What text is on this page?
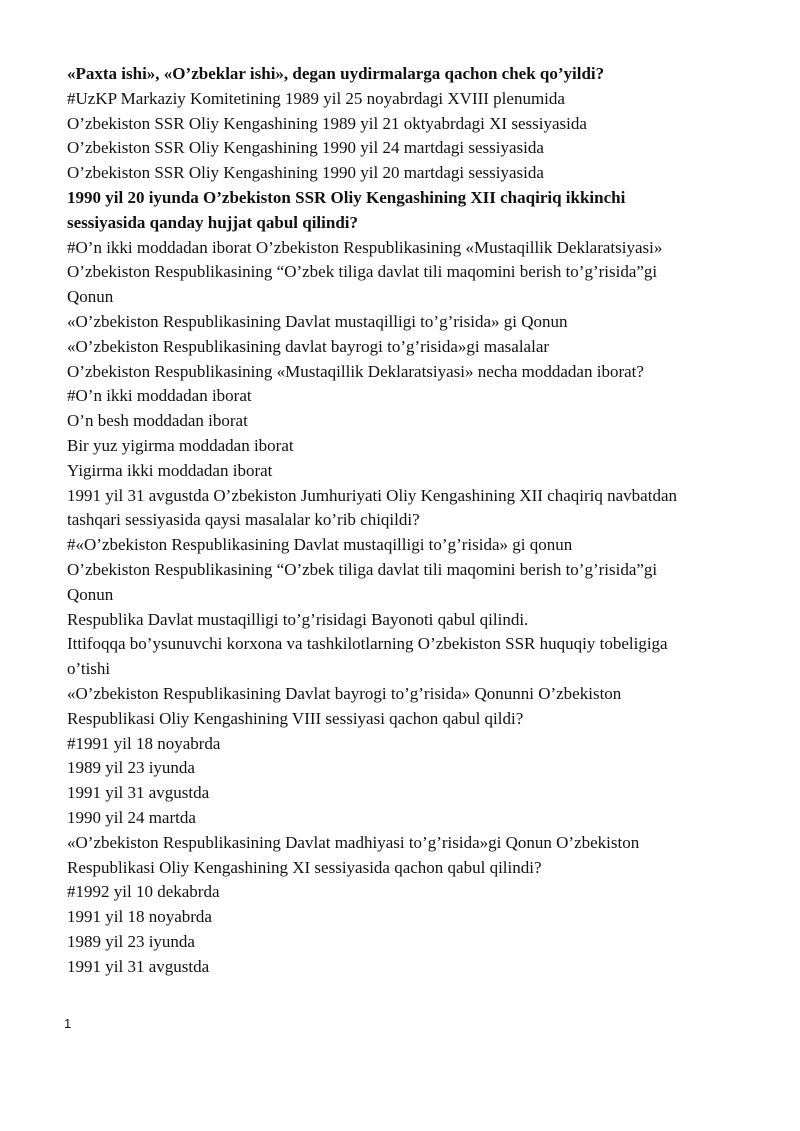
«Paxta ishi», «O’zbeklar ishi», degan uydirmalarga qachon chek qo’yildi?

#UzKP Markaziy Komitetining 1989 yil 25 noyabrdagi XVIII plenumida

O’zbekiston SSR Oliy Kengashining 1989 yil 21 oktyabrdagi XI sessiyasida

O’zbekiston SSR Oliy Kengashining 1990 yil 24 martdagi sessiyasida

O’zbekiston SSR Oliy Kengashining 1990 yil 20 martdagi sessiyasida

1990 yil 20 iyunda O’zbekiston SSR Oliy Kengashining XII chaqiriq ikkinchi

sessiyasida qanday hujjat qabul qilindi?

#O’n ikki moddadan iborat O’zbekiston Respublikasining «Mustaqillik Deklaratsiyasi»

O’zbekiston Respublikasining “O’zbek tiliga davlat tili maqomini berish to’g’risida”gi

Qonun

«O’zbekiston Respublikasining Davlat mustaqilligi to’g’risida» gi Qonun

«O’zbekiston Respublikasining davlat bayrogi to’g’risida»gi masalalar

O’zbekiston Respublikasining «Mustaqillik Deklaratsiyasi» necha moddadan iborat?

#O’n ikki moddadan iborat

O’n besh moddadan iborat

Bir yuz yigirma moddadan iborat

Yigirma ikki moddadan iborat

1991 yil 31 avgustda O’zbekiston Jumhuriyati Oliy Kengashining XII chaqiriq navbatdan

tashqari sessiyasida qaysi masalalar ko’rib chiqildi?

#«O’zbekiston Respublikasining Davlat mustaqilligi to’g’risida» gi qonun

O’zbekiston Respublikasining “O’zbek tiliga davlat tili maqomini berish to’g’risida”gi

Qonun

Respublika Davlat mustaqilligi to’g’risidagi Bayonoti qabul qilindi.

Ittifoqqa bo’ysunuvchi korxona va tashkilotlarning O’zbekiston SSR huquqiy tobeligiga

o’tishi

«O’zbekiston Respublikasining Davlat bayrogi to’g’risida» Qonunni O’zbekiston

Respublikasi Oliy Kengashining VIII sessiyasi qachon qabul qildi?

#1991 yil 18 noyabrda

1989 yil 23 iyunda

1991 yil 31 avgustda

1990 yil 24 martda

«O’zbekiston Respublikasining Davlat madhiyasi to’g’risida»gi Qonun O’zbekiston

Respublikasi Oliy Kengashining XI sessiyasida qachon qabul qilindi?

#1992 yil 10 dekabrda

1991 yil 18 noyabrda

1989 yil 23 iyunda

1991 yil 31 avgustda

1
